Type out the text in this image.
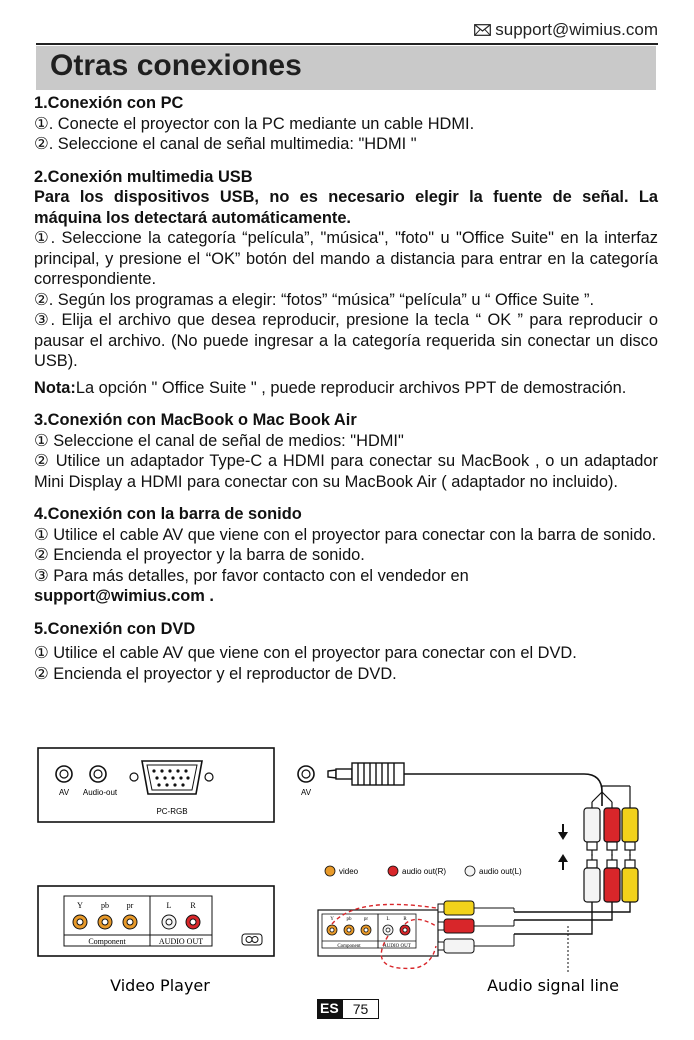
support@wimius.com
Otras conexiones

1.Conexión con PC

①. Conecte el proyector con la PC mediante un cable HDMI.

②. Seleccione el canal de señal multimedia: "HDMI "

2.Conexión multimedia USB

Para los dispositivos USB, no es necesario elegir la fuente de señal. La máquina los detectará automáticamente.

①. Seleccione la categoría “película”, "música", "foto" u "Office Suite" en la interfaz principal, y presione el “OK” botón del mando a distancia para entrar en la categoría correspondiente.

②. Según los programas a elegir: “fotos” “música” “película” u “ Office Suite ”.

③. Elija el archivo que desea reproducir, presione la tecla “ OK ” para reproducir o pausar el archivo. (No puede ingresar a la categoría requerida sin conectar un disco USB).

Nota:La opción " Office Suite " , puede reproducir archivos PPT de demostración.

3.Conexión con MacBook o Mac Book Air

① Seleccione el canal de señal de medios: "HDMI"

② Utilice un adaptador Type-C a HDMI para conectar su MacBook , o un adaptador Mini Display a HDMI para conectar con su MacBook Air ( adaptador no incluido).

4.Conexión con la barra de sonido

① Utilice el cable AV que viene con el proyector para conectar con la barra de sonido.

② Encienda el proyector y la barra de sonido.

③ Para más detalles, por favor contacto con el vendedor en

support@wimius.com .

5.Conexión con DVD

① Utilice el cable AV que viene con el proyector para conectar con el DVD.

② Encienda el proyector y el reproductor de DVD.

AV Audio-out
PC-RGB
AV
video	audio out(R)	audio out(L)
Y pb pr	L R
Component	AUDIO OUT
Y	pb pr	L	R
Component	AUDIO OUT
Video Player	Audio signal line
ES	75
